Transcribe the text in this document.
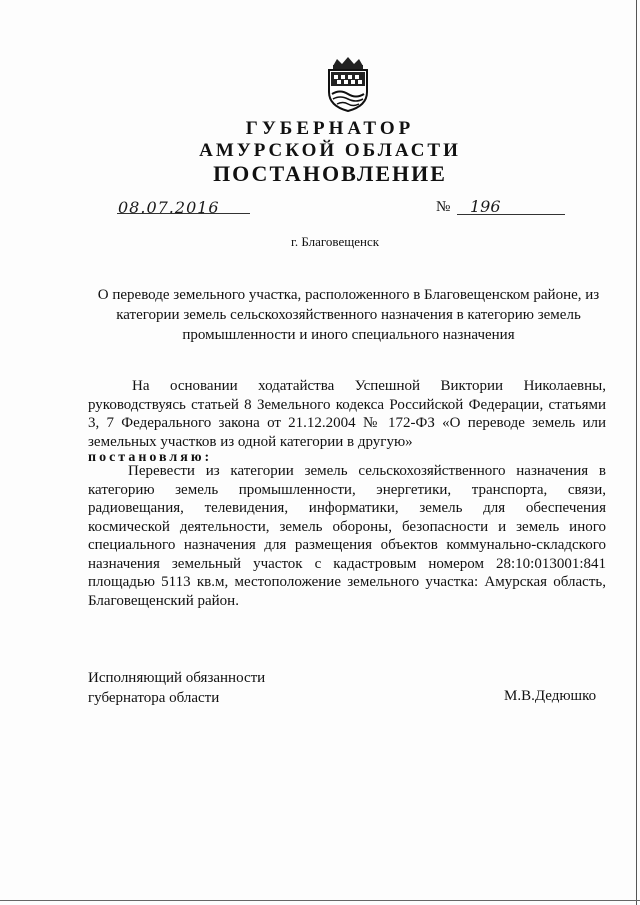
ГУБЕРНАТОР
АМУРСКОЙ ОБЛАСТИ
ПОСТАНОВЛЕНИЕ
08.07.2016	№ 196
г. Благовещенск
О переводе земельного участка, расположенного в Благовещенском районе, из категории земель сельскохозяйственного назначения в категорию земель промышленности и иного специального назначения
На основании ходатайства Успешной Виктории Николаевны, руководствуясь статьей 8 Земельного кодекса Российской Федерации, статьями 3, 7 Федерального закона от 21.12.2004 № 172-ФЗ «О переводе земель или земельных участков из одной категории в другую»
постановляю:
Перевести из категории земель сельскохозяйственного назначения в категорию земель промышленности, энергетики, транспорта, связи, радиовещания, телевидения, информатики, земель для обеспечения космической деятельности, земель обороны, безопасности и земель иного специального назначения для размещения объектов коммунально-складского назначения земельный участок с кадастровым номером 28:10:013001:841 площадью 5113 кв.м, местоположение земельного участка: Амурская область, Благовещенский район.
Исполняющий обязанности
губернатора области	М.В.Дедюшко
